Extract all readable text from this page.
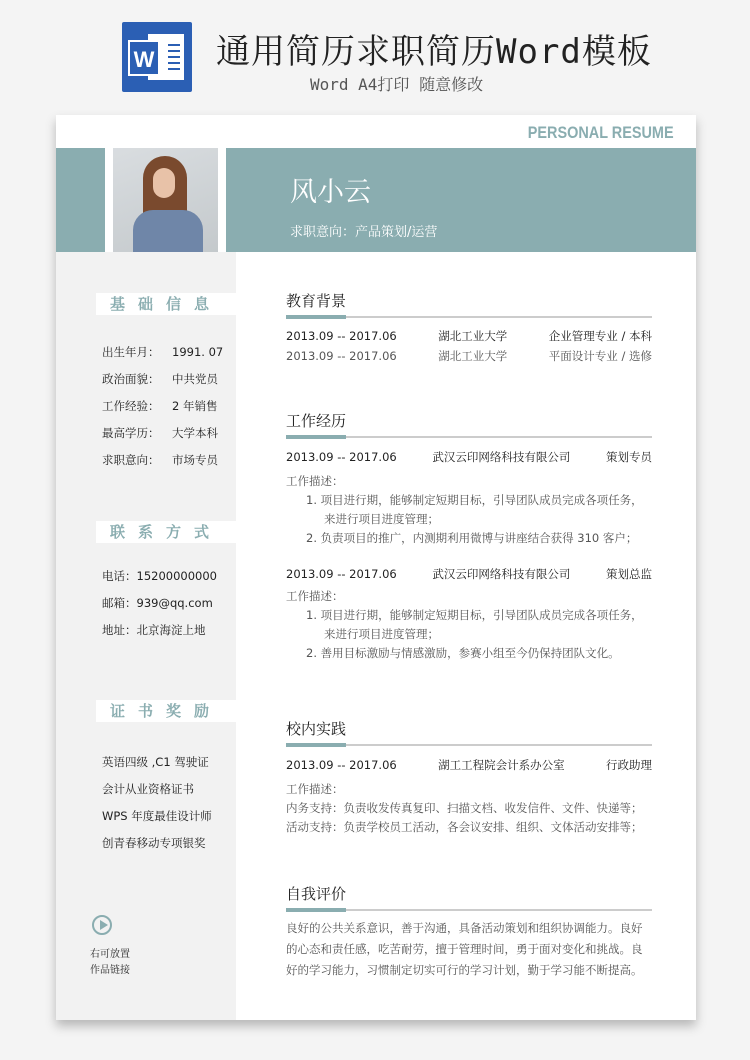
W 通用简历求职简历Word模板
Word A4打印 随意修改
PERSONAL RESUME
风小云
求职意向：产品策划/运营
基础信息
出生年月： 1991. 07
政治面貌： 中共党员
工作经验： 2 年销售
最高学历： 大学本科
求职意向： 市场专员
联系方式
电话：15200000000
邮箱：939@qq.com
地址：北京海淀上地
证书奖励
英语四级 ,C1 驾驶证
会计从业资格证书
WPS 年度最佳设计师
创青春移动专项银奖
右可放置
作品链接
教育背景
2013.09 -- 2017.06	湖北工业大学	企业管理专业 / 本科
2013.09 -- 2017.06	湖北工业大学	平面设计专业 / 选修
工作经历
2013.09 -- 2017.06	武汉云印网络科技有限公司	策划专员
工作描述：
1. 项目进行期，能够制定短期目标，引导团队成员完成各项任务，来进行项目进度管理；
2. 负责项目的推广，内测期利用微博与讲座结合获得 310 客户；
2013.09 -- 2017.06	武汉云印网络科技有限公司	策划总监
工作描述：
1. 项目进行期，能够制定短期目标，引导团队成员完成各项任务，来进行项目进度管理；
2. 善用目标激励与情感激励，参赛小组至今仍保持团队文化。
校内实践
2013.09 -- 2017.06	湖工工程院会计系办公室	行政助理
工作描述：
内务支持：负责收发传真复印、扫描文档、收发信件、文件、快递等；
活动支持：负责学校员工活动，各会议安排、组织、文体活动安排等；
自我评价
良好的公共关系意识，善于沟通，具备活动策划和组织协调能力。良好的心态和责任感，吃苦耐劳，擅于管理时间，勇于面对变化和挑战。良好的学习能力，习惯制定切实可行的学习计划，勤于学习能不断提高。
